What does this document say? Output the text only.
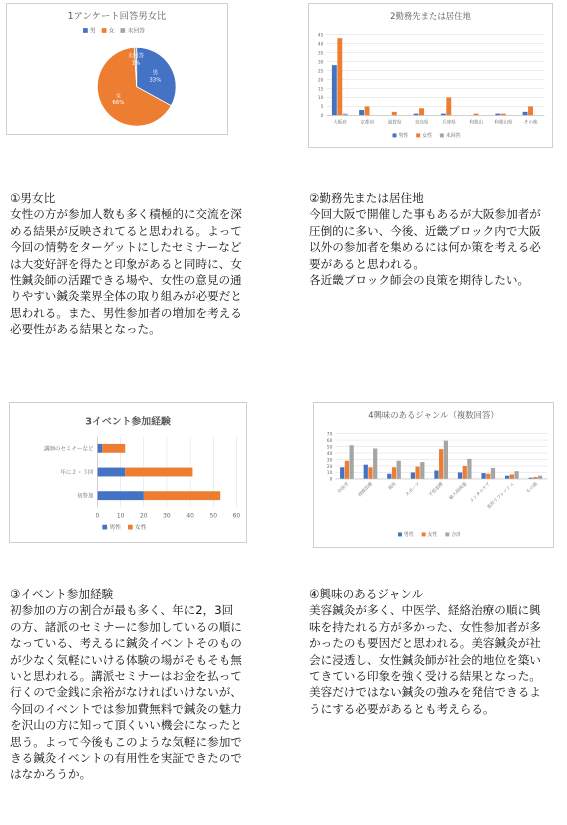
1アンケート回答男女比
男 女 未回答
男
33%
女
66%
未回答
1%
2勤務先または居住地
0
5
10
15
20
25
30
35
40
45
大阪府	京都府	滋賀県	奈良県	兵庫県	和歌山 和歌山県 その他
男性	女性	未回答
3イベント参加経験
0	10	20	30	40	50	60
講師のセミナーなど
年に２・３回
初参加
男性 女性
4興味のあるジャンル（複数回答）
0
10
20
30
40
50
60
70
中医学	経絡治療	美容 スポーツ	不妊治療 婦人科疾患 メンタルケア
美容リフレッシュ	その他
男性	女性	合計
①男女比
女性の方が参加人数も多く積極的に交流を深
める結果が反映されてると思われる。よって
今回の情勢をターゲットにしたセミナーなど
は大変好評を得たと印象があると同時に、女
性鍼灸師の活躍できる場や、女性の意見の通
りやすい鍼灸業界全体の取り組みが必要だと
思われる。また、男性参加者の増加を考える
必要性がある結果となった。
②勤務先または居住地
今回大阪で開催した事もあるが大阪参加者が
圧倒的に多い、今後、近畿ブロック内で大阪
以外の参加者を集めるには何か策を考える必
要があると思われる。
各近畿ブロック師会の良策を期待したい。
③イベント参加経験
初参加の方の割合が最も多く、年に2，3回
の方、諸派のセミナーに参加しているの順に
なっている、考えるに鍼灸イベントそのもの
が少なく気軽にいける体験の場がそもそも無
いと思われる。講派セミナーはお金を払って
行くので金銭に余裕がなければいけないが、
今回のイベントでは参加費無料で鍼灸の魅力
を沢山の方に知って頂くいい機会になったと
思う。よって今後もこのような気軽に参加で
きる鍼灸イベントの有用性を実証できたので
はなかろうか。
④興味のあるジャンル
美容鍼灸が多く、中医学、経絡治療の順に興
味を持たれる方が多かった、女性参加者が多
かったのも要因だと思われる。美容鍼灸が社
会に浸透し、女性鍼灸師が社会的地位を築い
てきている印象を強く受ける結果となった。
美容だけではない鍼灸の強みを発信できるよ
うにする必要があるとも考えらる。
